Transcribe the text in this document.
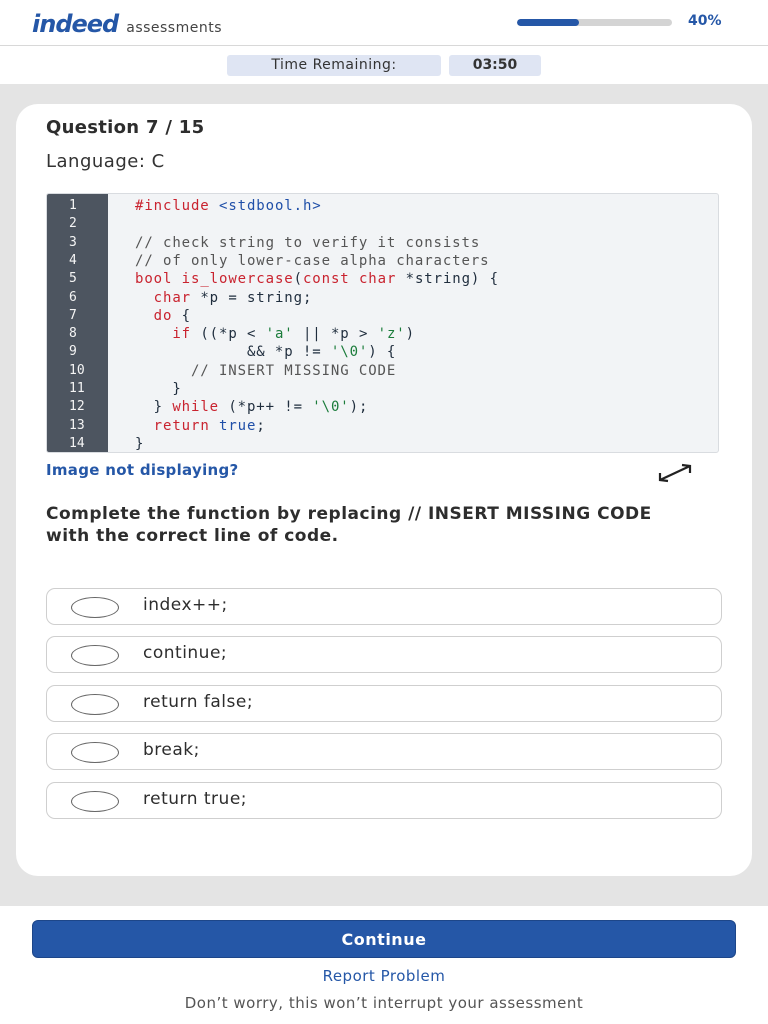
indeed assessments	40%
Time Remaining:	03:50
Question 7 / 15
Language: C
1
2
3
4
5
6
7
8
9
10
11
12
13
14
#include <stdbool.h>
// check string to verify it consists
// of only lower-case alpha characters
bool is_lowercase(const char *string) {
char *p = string;
do {
if ((*p < 'a' || *p > 'z')
&& *p != '\0') {
// INSERT MISSING CODE
}
} while (*p++ != '\0');
return true;
}
Image not displaying?
Complete the function by replacing // INSERT MISSING CODE with the correct line of code.
index++;
continue;
return false;
break;
return true;
Continue
Report Problem
Don’t worry, this won’t interrupt your assessment
